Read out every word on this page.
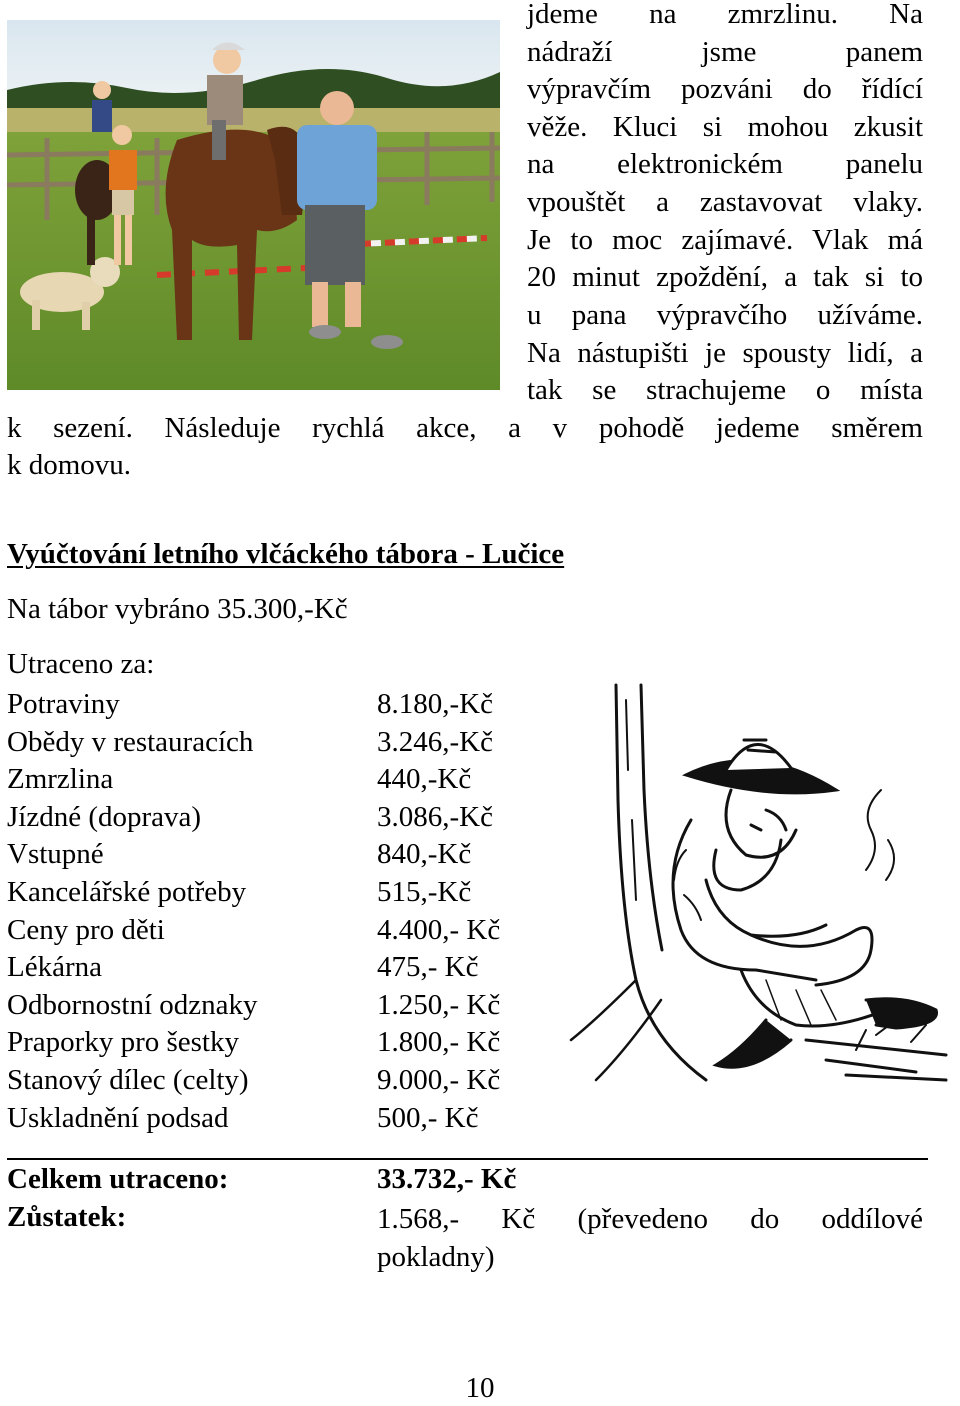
jdeme na zmrzlinu. Na
nádraží jsme panem
výpravčím pozváni do řídící
věže. Kluci si mohou zkusit
na elektronickém panelu
vpouštět a zastavovat vlaky.
Je to moc zajímavé. Vlak má
20 minut zpoždění, a tak si to
u pana výpravčího užíváme.
Na nástupišti je spousty lidí, a
tak se strachujeme o místa
k sezení. Následuje rychlá akce, a v pohodě jedeme směrem
k domovu.
Vyúčtování letního vlčáckého tábora - Lučice
Na tábor vybráno 35.300,-Kč
Utraceno za:
Potraviny	8.180,-Kč
Obědy v restauracích	3.246,-Kč
Zmrzlina	440,-Kč
Jízdné (doprava)	3.086,-Kč
Vstupné	840,-Kč
Kancelářské potřeby	515,-Kč
Ceny pro děti	4.400,- Kč
Lékárna	475,- Kč
Odbornostní odznaky	1.250,- Kč
Praporky pro šestky	1.800,- Kč
Stanový dílec (celty)	9.000,- Kč
Uskladnění podsad	500,- Kč
Celkem utraceno:	33.732,- Kč
Zůstatek:	1.568,- Kč (převedeno do oddílové
pokladny)
10
